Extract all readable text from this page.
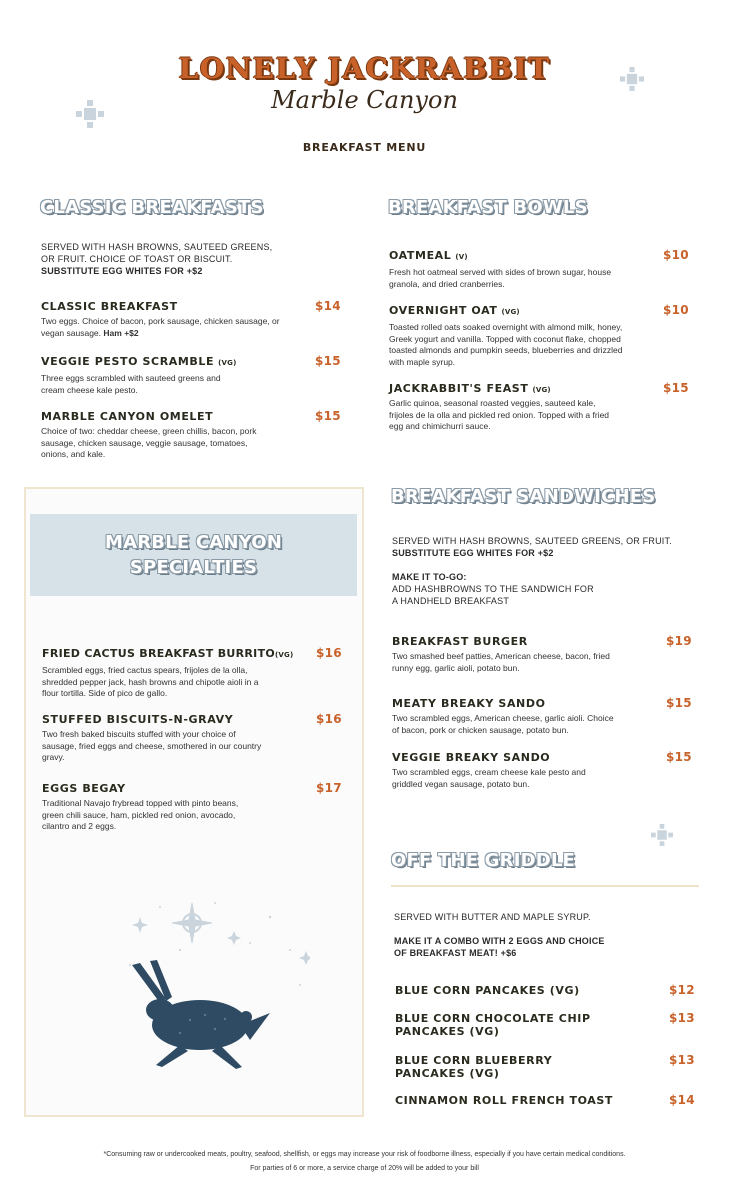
LONELY JACKRABBIT
Marble Canyon
BREAKFAST MENU
CLASSIC BREAKFASTS
SERVED WITH HASH BROWNS, SAUTEED GREENS,
OR FRUIT. CHOICE OF TOAST OR BISCUIT.
SUBSTITUTE EGG WHITES FOR +$2
CLASSIC BREAKFAST
Two eggs. Choice of bacon, pork sausage, chicken sausage, or vegan sausage. Ham +$2
$14
VEGGIE PESTO SCRAMBLE (VG)
Three eggs scrambled with sauteed greens and cream cheese kale pesto.
$15
MARBLE CANYON OMELET
Choice of two: cheddar cheese, green chillis, bacon, pork sausage, chicken sausage, veggie sausage, tomatoes, onions, and kale.
$15
BREAKFAST BOWLS
OATMEAL (V)
Fresh hot oatmeal served with sides of brown sugar, house granola, and dried cranberries.
$10
OVERNIGHT OAT (VG)
Toasted rolled oats soaked overnight with almond milk, honey, Greek yogurt and vanilla. Topped with coconut flake, chopped toasted almonds and pumpkin seeds, blueberries and drizzled with maple syrup.
$10
JACKRABBIT'S FEAST (VG)
Garlic quinoa, seasonal roasted veggies, sauteed kale, frijoles de la olla and pickled red onion. Topped with a fried egg and chimichurri sauce.
$15
MARBLE CANYON
SPECIALTIES
FRIED CACTUS BREAKFAST BURRITO(VG)
Scrambled eggs, fried cactus spears, frijoles de la olla, shredded pepper jack, hash browns and chipotle aioli in a flour tortilla. Side of pico de gallo.
$16
STUFFED BISCUITS-N-GRAVY
Two fresh baked biscuits stuffed with your choice of sausage, fried eggs and cheese, smothered in our country gravy.
$16
EGGS BEGAY
Traditional Navajo frybread topped with pinto beans, green chili sauce, ham, pickled red onion, avocado, cilantro and 2 eggs.
$17
BREAKFAST SANDWICHES
SERVED WITH HASH BROWNS, SAUTEED GREENS, OR FRUIT.
SUBSTITUTE EGG WHITES FOR +$2
MAKE IT TO-GO:
ADD HASHBROWNS TO THE SANDWICH FOR
A HANDHELD BREAKFAST
BREAKFAST BURGER
Two smashed beef patties, American cheese, bacon, fried runny egg, garlic aioli, potato bun.
$19
MEATY BREAKY SANDO
Two scrambled eggs, American cheese, garlic aioli. Choice of bacon, pork or chicken sausage, potato bun.
$15
VEGGIE BREAKY SANDO
Two scrambled eggs, cream cheese kale pesto and griddled vegan sausage, potato bun.
$15
OFF THE GRIDDLE
SERVED WITH BUTTER AND MAPLE SYRUP.
MAKE IT A COMBO WITH 2 EGGS AND CHOICE
OF BREAKFAST MEAT! +$6
BLUE CORN PANCAKES (VG)	$12
BLUE CORN CHOCOLATE CHIP PANCAKES (VG)
$13
BLUE CORN BLUEBERRY PANCAKES (VG)
$13
CINNAMON ROLL FRENCH TOAST	$14
*Consuming raw or undercooked meats, poultry, seafood, shellfish, or eggs may increase your risk of foodborne illness, especially if you have certain medical conditions.
For parties of 6 or more, a service charge of 20% will be added to your bill
